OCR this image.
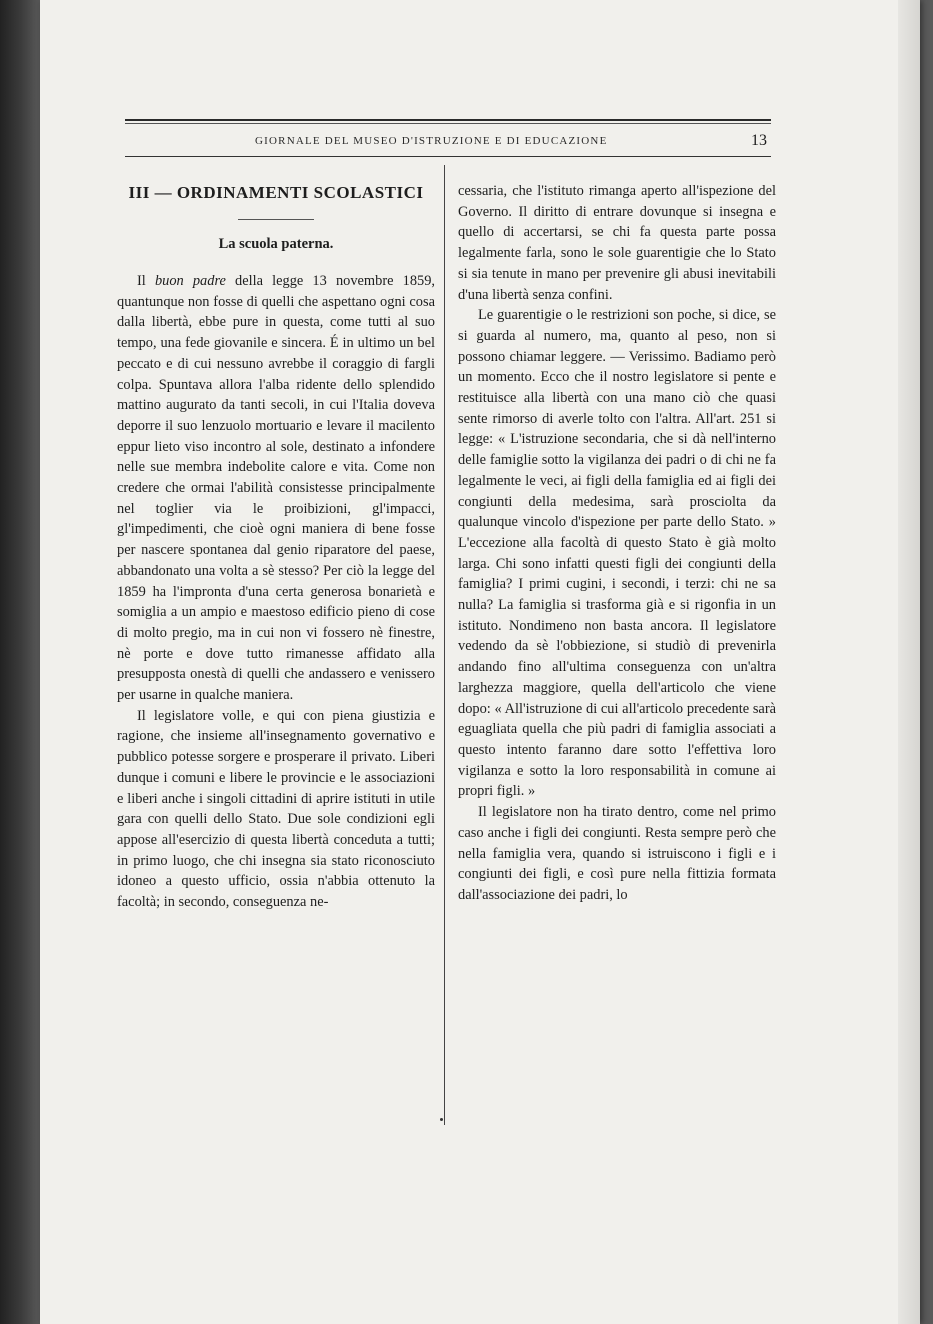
GIORNALE DEL MUSEO D'ISTRUZIONE E DI EDUCAZIONE	13
III — ORDINAMENTI SCOLASTICI
La scuola paterna.

Il buon padre della legge 13 novembre 1859, quantunque non fosse di quelli che aspettano ogni cosa dalla libertà, ebbe pure in questa, come tutti al suo tempo, una fede giovanile e sincera. É in ultimo un bel peccato e di cui nessuno avrebbe il coraggio di fargli colpa. Spuntava allora l'alba ridente dello splendido mattino augurato da tanti secoli, in cui l'Italia doveva deporre il suo lenzuolo mortuario e levare il macilento eppur lieto viso incontro al sole, destinato a infondere nelle sue membra indebolite calore e vita. Come non credere che ormai l'abilità consistesse principalmente nel toglier via le proibizioni, gl'impacci, gl'impedimenti, che cioè ogni maniera di bene fosse per nascere spontanea dal genio riparatore del paese, abbandonato una volta a sè stesso? Per ciò la legge del 1859 ha l'impronta d'una certa generosa bonarietà e somiglia a un ampio e maestoso edificio pieno di cose di molto pregio, ma in cui non vi fossero nè finestre, nè porte e dove tutto rimanesse affidato alla presupposta onestà di quelli che andassero e venissero per usarne in qualche maniera.

Il legislatore volle, e qui con piena giustizia e ragione, che insieme all'insegnamento governativo e pubblico potesse sorgere e prosperare il privato. Liberi dunque i comuni e libere le provincie e le associazioni e liberi anche i singoli cittadini di aprire istituti in utile gara con quelli dello Stato. Due sole condizioni egli appose all'esercizio di questa libertà conceduta a tutti; in primo luogo, che chi insegna sia stato riconosciuto idoneo a questo ufficio, ossia n'abbia ottenuto la facoltà; in secondo, conseguenza ne-

cessaria, che l'istituto rimanga aperto all'ispezione del Governo. Il diritto di entrare dovunque si insegna e quello di accertarsi, se chi fa questa parte possa legalmente farla, sono le sole guarentigie che lo Stato si sia tenute in mano per prevenire gli abusi inevitabili d'una libertà senza confini.

Le guarentigie o le restrizioni son poche, si dice, se si guarda al numero, ma, quanto al peso, non si possono chiamar leggere. — Verissimo. Badiamo però un momento. Ecco che il nostro legislatore si pente e restituisce alla libertà con una mano ciò che quasi sente rimorso di averle tolto con l'altra. All'art. 251 si legge: « L'istruzione secondaria, che si dà nell'interno delle famiglie sotto la vigilanza dei padri o di chi ne fa legalmente le veci, ai figli della famiglia ed ai figli dei congiunti della medesima, sarà prosciolta da qualunque vincolo d'ispezione per parte dello Stato. » L'eccezione alla facoltà di questo Stato è già molto larga. Chi sono infatti questi figli dei congiunti della famiglia? I primi cugini, i secondi, i terzi: chi ne sa nulla? La famiglia si trasforma già e si rigonfia in un istituto. Nondimeno non basta ancora. Il legislatore vedendo da sè l'obbiezione, si studiò di prevenirla andando fino all'ultima conseguenza con un'altra larghezza maggiore, quella dell'articolo che viene dopo: « All'istruzione di cui all'articolo precedente sarà eguagliata quella che più padri di famiglia associati a questo intento faranno dare sotto l'effettiva loro vigilanza e sotto la loro responsabilità in comune ai propri figli. »

Il legislatore non ha tirato dentro, come nel primo caso anche i figli dei congiunti. Resta sempre però che nella famiglia vera, quando si istruiscono i figli e i congiunti dei figli, e così pure nella fittizia formata dall'associazione dei padri, lo
